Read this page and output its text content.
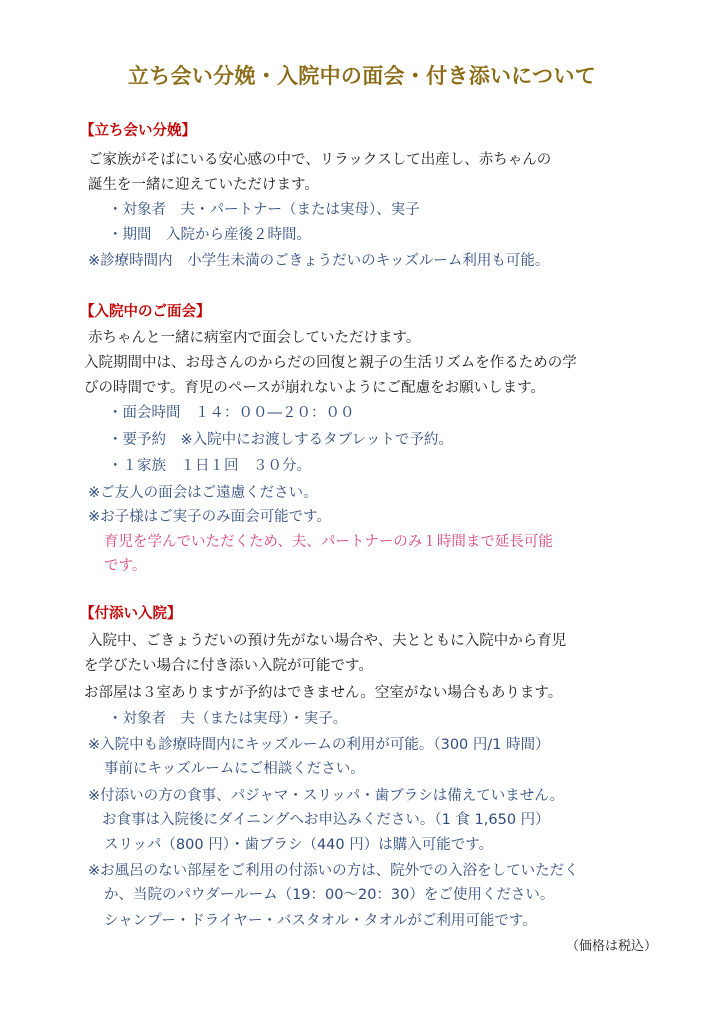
立ち会い分娩・入院中の面会・付き添いについて
【立ち会い分娩】
ご家族がそばにいる安心感の中で、リラックスして出産し、赤ちゃんの
誕生を一緒に迎えていただけます。
・対象者　夫・パートナー（または実母）、実子
・期間　入院から産後２時間。
※診療時間内　小学生未満のごきょうだいのキッズルーム利用も可能。
【入院中のご面会】
赤ちゃんと一緒に病室内で面会していただけます。
入院期間中は、お母さんのからだの回復と親子の生活リズムを作るための学
びの時間です。育児のペースが崩れないようにご配慮をお願いします。
・面会時間　１４：００―２０：００
・要予約　※入院中にお渡しするタブレットで予約。
・１家族　１日１回　３０分。
※ご友人の面会はご遠慮ください。
※お子様はご実子のみ面会可能です。
育児を学んでいただくため、夫、パートナーのみ１時間まで延長可能
です。
【付添い入院】
入院中、ごきょうだいの預け先がない場合や、夫とともに入院中から育児
を学びたい場合に付き添い入院が可能です。
お部屋は３室ありますが予約はできません。空室がない場合もあります。
・対象者　夫（または実母）・実子。
※入院中も診療時間内にキッズルームの利用が可能。（300 円/1 時間）
事前にキッズルームにご相談ください。
※付添いの方の食事、パジャマ・スリッパ・歯ブラシは備えていません。
お食事は入院後にダイニングへお申込みください。（1 食 1,650 円）
スリッパ（800 円）・歯ブラシ（440 円）は購入可能です。
※お風呂のない部屋をご利用の付添いの方は、院外での入浴をしていただく
か、当院のパウダールーム（19：00～20：30）をご使用ください。
シャンプー・ドライヤー・バスタオル・タオルがご利用可能です。
（価格は税込）
